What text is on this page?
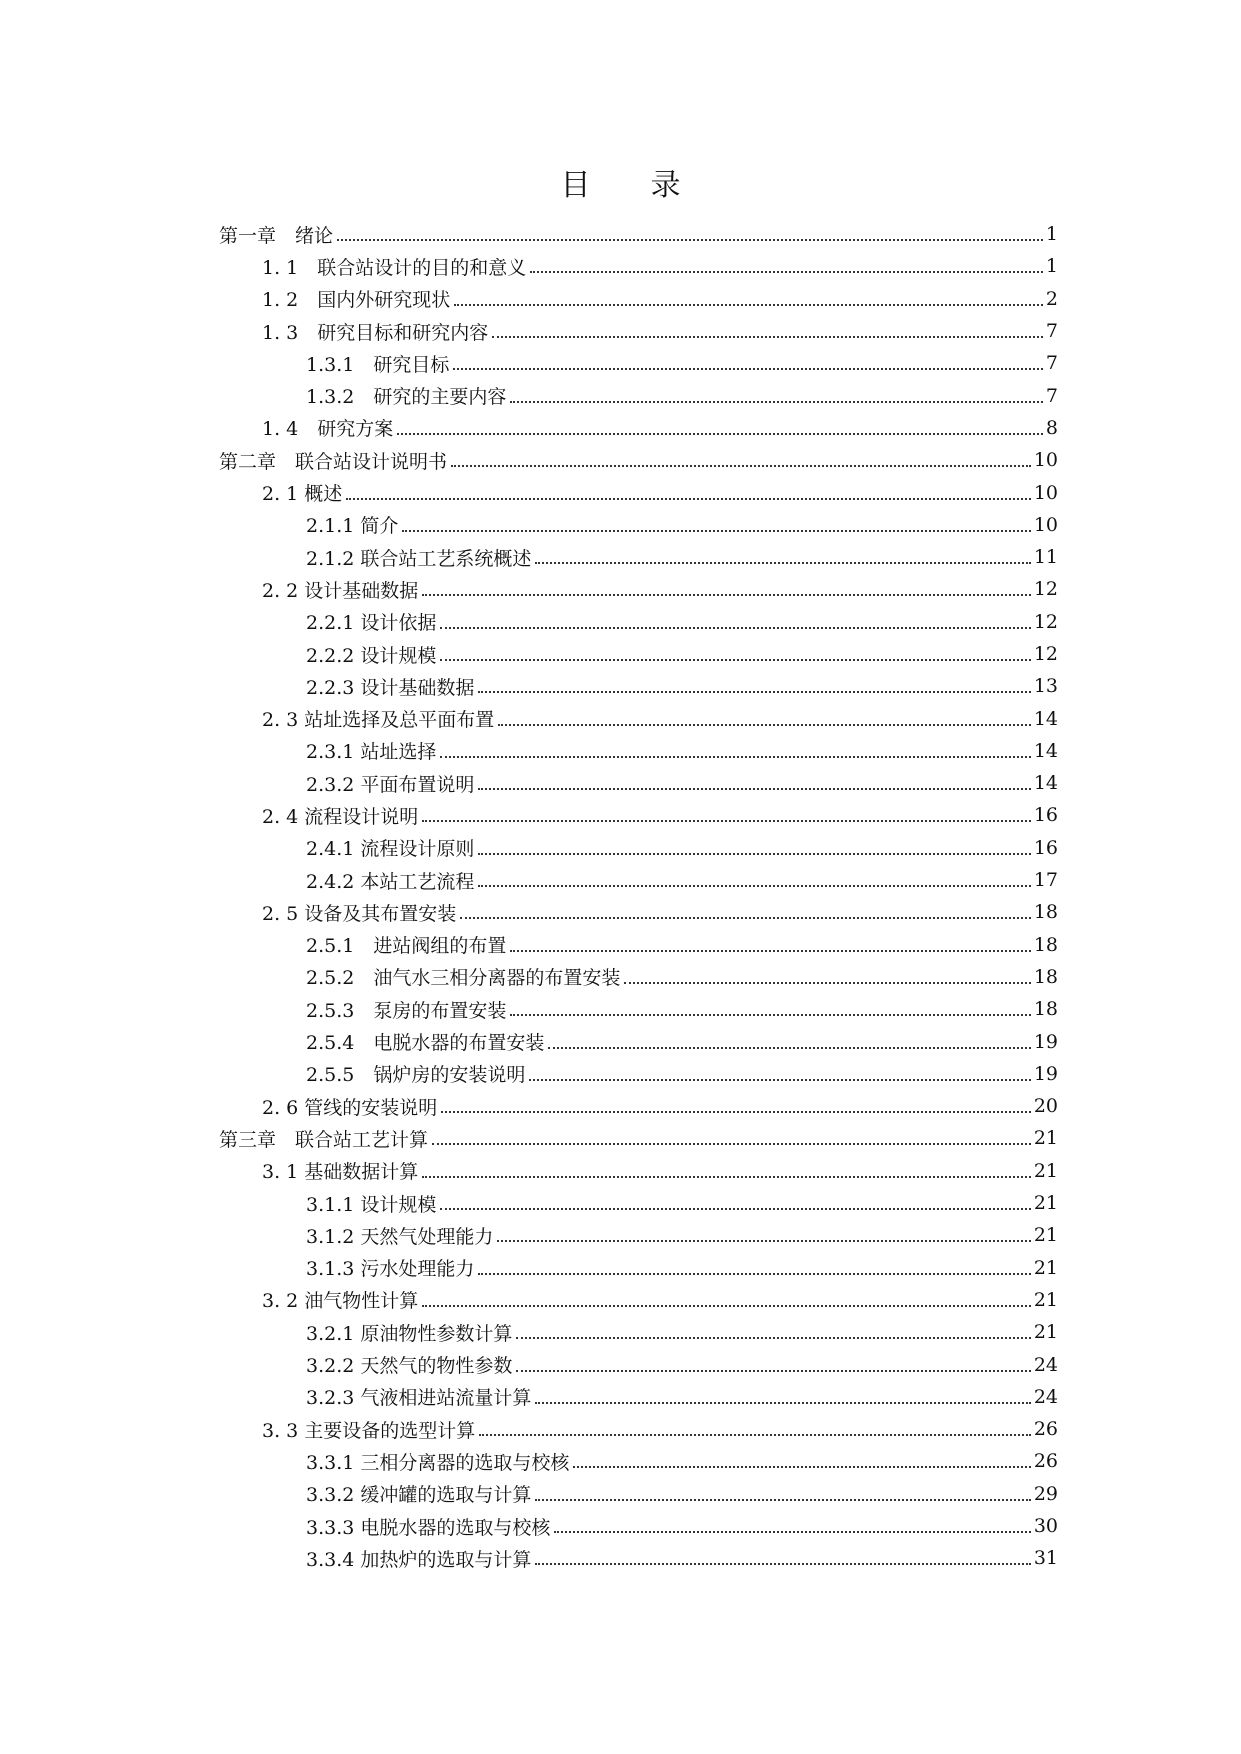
目　　录
第一章　绪论	1
1. 1　联合站设计的目的和意义	1
1. 2　国内外研究现状	2
1. 3　研究目标和研究内容	7
1.3.1　研究目标	7
1.3.2　研究的主要内容	7
1. 4　研究方案	8
第二章　联合站设计说明书	10
2. 1 概述	10
2.1.1 简介	10
2.1.2 联合站工艺系统概述	11
2. 2 设计基础数据	12
2.2.1 设计依据	12
2.2.2 设计规模	12
2.2.3 设计基础数据	13
2. 3 站址选择及总平面布置	14
2.3.1 站址选择	14
2.3.2 平面布置说明	14
2. 4 流程设计说明	16
2.4.1 流程设计原则	16
2.4.2 本站工艺流程	17
2. 5 设备及其布置安装	18
2.5.1　进站阀组的布置	18
2.5.2　油气水三相分离器的布置安装	18
2.5.3　泵房的布置安装	18
2.5.4　电脱水器的布置安装	19
2.5.5　锅炉房的安装说明	19
2. 6 管线的安装说明	20
第三章　联合站工艺计算	21
3. 1 基础数据计算	21
3.1.1 设计规模	21
3.1.2 天然气处理能力	21
3.1.3 污水处理能力	21
3. 2 油气物性计算	21
3.2.1 原油物性参数计算	21
3.2.2 天然气的物性参数	24
3.2.3 气液相进站流量计算	24
3. 3 主要设备的选型计算	26
3.3.1 三相分离器的选取与校核	26
3.3.2 缓冲罐的选取与计算	29
3.3.3 电脱水器的选取与校核	30
3.3.4 加热炉的选取与计算	31
